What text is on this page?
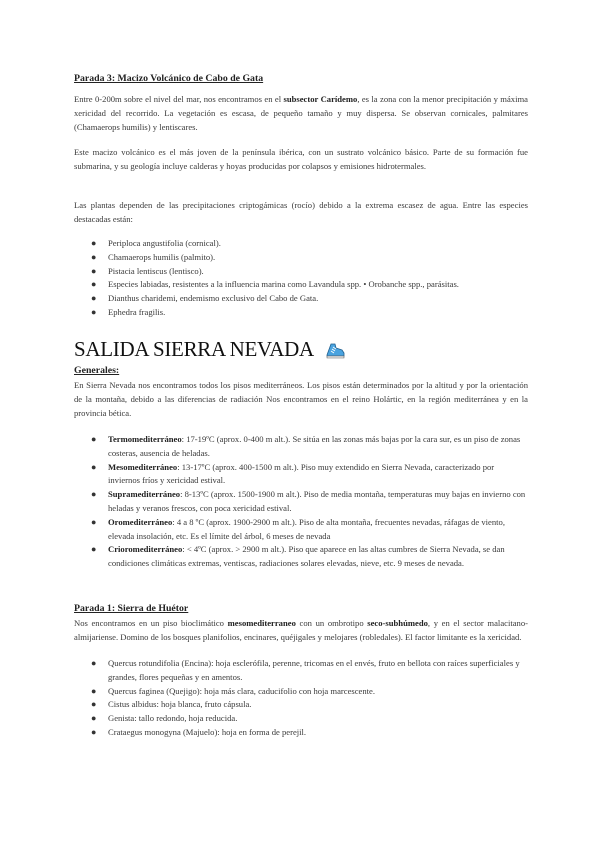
Parada 3: Macizo Volcánico de Cabo de Gata

Entre 0-200m sobre el nivel del mar, nos encontramos en el subsector Carídemo, es la zona con la menor precipitación y máxima xericidad del recorrido. La vegetación es escasa, de pequeño tamaño y muy dispersa. Se observan cornicales, palmitares (Chamaerops humilis) y lentiscares.

Este macizo volcánico es el más joven de la península ibérica, con un sustrato volcánico básico. Parte de su formación fue submarina, y su geología incluye calderas y hoyas producidas por colapsos y emisiones hidrotermales.

Las plantas dependen de las precipitaciones criptogámicas (rocío) debido a la extrema escasez de agua. Entre las especies destacadas están:

● Periploca angustifolia (cornical).
● Chamaerops humilis (palmito).
● Pistacia lentiscus (lentisco).
● Especies labiadas, resistentes a la influencia marina como Lavandula spp. • Orobanche spp., parásitas.
● Dianthus charidemi, endemismo exclusivo del Cabo de Gata.
● Ephedra fragilis.
SALIDA SIERRA NEVADA
Generales:

En Sierra Nevada nos encontramos todos los pisos mediterráneos. Los pisos están determinados por la altitud y por la orientación de la montaña, debido a las diferencias de radiación Nos encontramos en el reino Holártic, en la región mediterránea y en la provincia bética.

● Termomediterráneo: 17-19ºC (aprox. 0-400 m alt.). Se sitúa en las zonas más bajas por la cara sur, es un piso de zonas costeras, ausencia de heladas.
● Mesomediterráneo: 13-17ºC (aprox. 400-1500 m alt.). Piso muy extendido en Sierra Nevada, caracterizado por inviernos fríos y xericidad estival.
● Supramediterráneo: 8-13ºC (aprox. 1500-1900 m alt.). Piso de media montaña, temperaturas muy bajas en invierno con heladas y veranos frescos, con poca xericidad estival.
● Oromediterráneo: 4 a 8 ºC (aprox. 1900-2900 m alt.). Piso de alta montaña, frecuentes nevadas, ráfagas de viento, elevada insolación, etc. Es el límite del árbol, 6 meses de nevada
● Crioromediterráneo: < 4ºC (aprox. > 2900 m alt.). Piso que aparece en las altas cumbres de Sierra Nevada, se dan condiciones climáticas extremas, ventiscas, radiaciones solares elevadas, nieve, etc. 9 meses de nevada.
Parada 1: Sierra de Huétor

Nos encontramos en un piso bioclimático mesomediterraneo con un ombrotipo seco-subhúmedo, y en el sector malacitano-almijariense. Domino de los bosques planifolios, encinares, quéjigales y melojares (robledales). El factor limitante es la xericidad.

● Quercus rotundifolia (Encina): hoja esclerófila, perenne, tricomas en el envés, fruto en bellota con raíces superficiales y grandes, flores pequeñas y en amentos.
● Quercus faginea (Quejigo): hoja más clara, caducifolio con hoja marcescente.
● Cistus albidus: hoja blanca, fruto cápsula.
● Genista: tallo redondo, hoja reducida.
● Crataegus monogyna (Majuelo): hoja en forma de perejil.
